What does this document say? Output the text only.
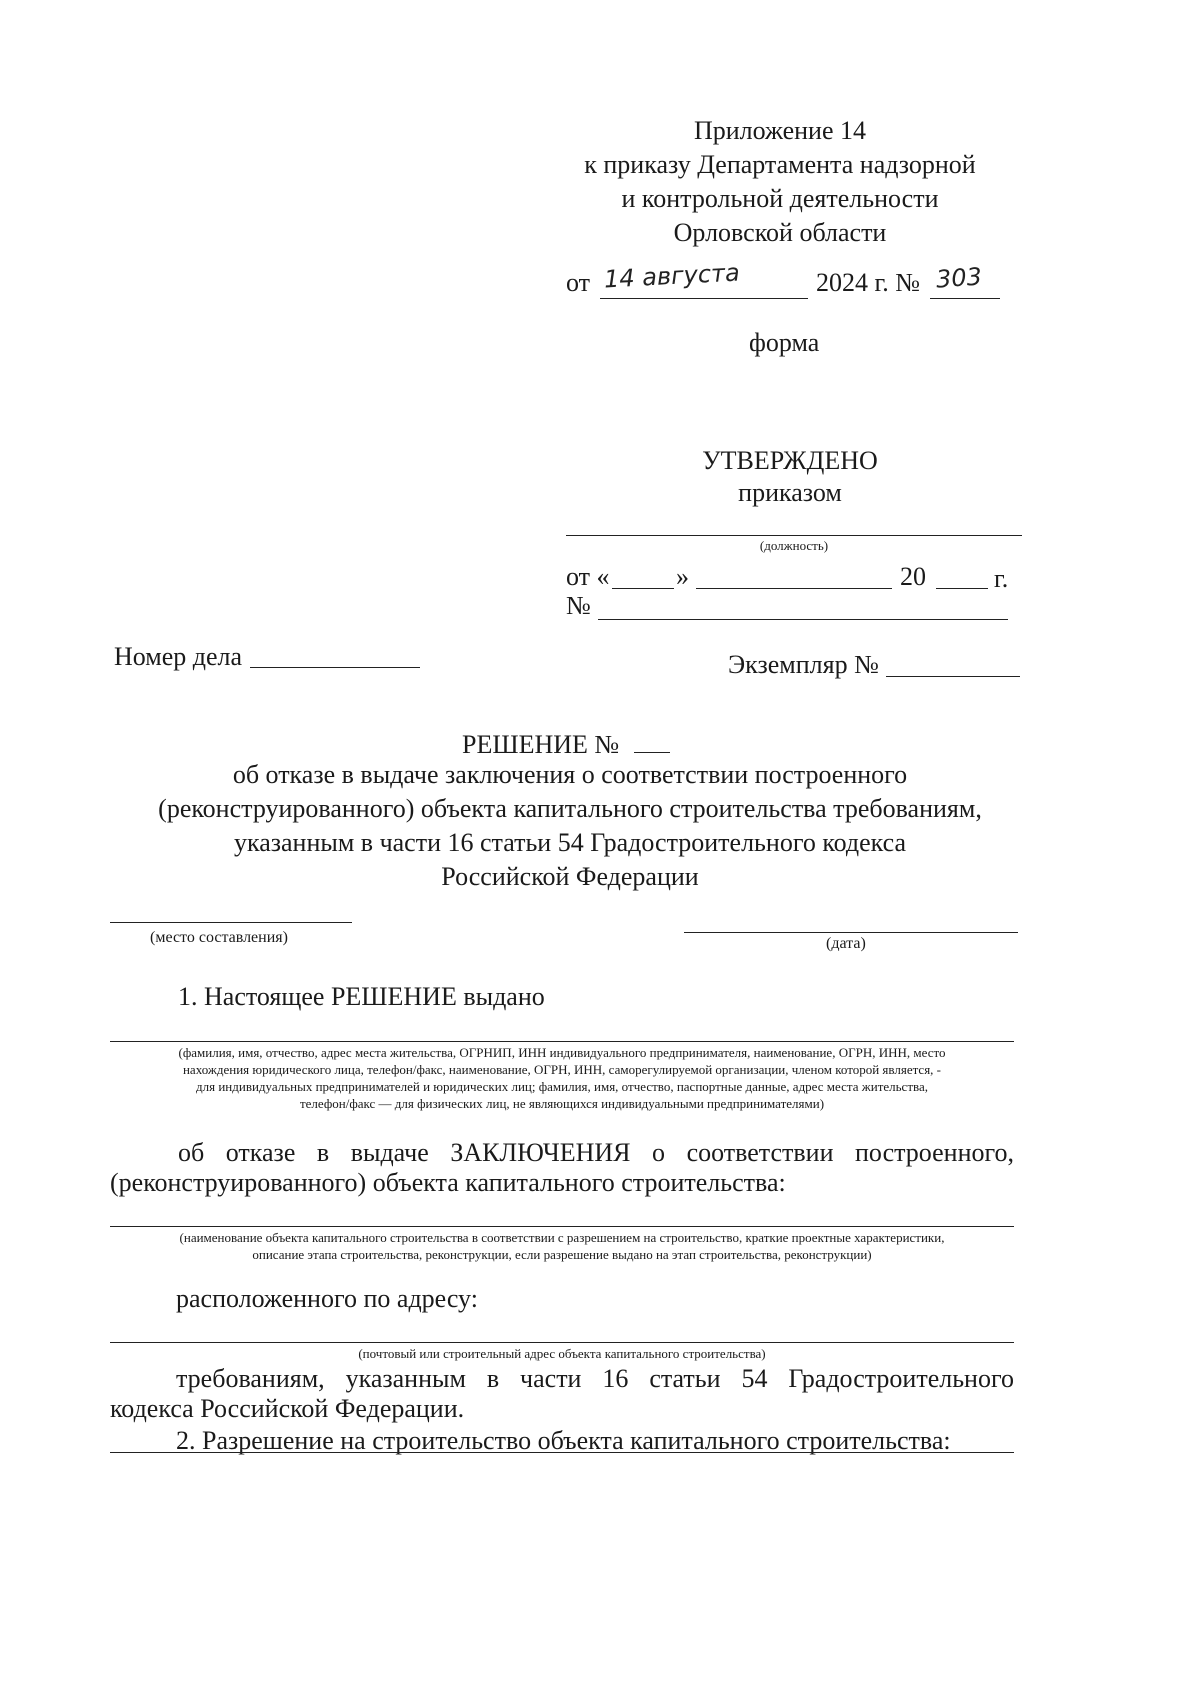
Приложение 14
к приказу Департамента надзорной
и контрольной деятельности
Орловской области
от 14 августа	2024 г. № 303
форма
УТВЕРЖДЕНО
приказом
(должность)
от «	»	20	г.
№
Номер дела	Экземпляр №
РЕШЕНИЕ №
об отказе в выдаче заключения о соответствии построенного
(реконструированного) объекта капитального строительства требованиям,
указанным в части 16 статьи 54 Градостроительного кодекса
Российской Федерации
(место составления)	(дата)
1. Настоящее РЕШЕНИЕ выдано
(фамилия, имя, отчество, адрес места жительства, ОГРНИП, ИНН индивидуального предпринимателя, наименование, ОГРН, ИНН, место
нахождения юридического лица, телефон/факс, наименование, ОГРН, ИНН, саморегулируемой организации, членом которой является, -
для индивидуальных предпринимателей и юридических лиц; фамилия, имя, отчество, паспортные данные, адрес места жительства,
телефон/факс — для физических лиц, не являющихся индивидуальными предпринимателями)
об отказе в выдаче ЗАКЛЮЧЕНИЯ о соответствии построенного,
(реконструированного) объекта капитального строительства:
(наименование объекта капитального строительства в соответствии с разрешением на строительство, краткие проектные характеристики,
описание этапа строительства, реконструкции, если разрешение выдано на этап строительства, реконструкции)
расположенного по адресу:
(почтовый или строительный адрес объекта капитального строительства)
требованиям, указанным в части 16 статьи 54 Градостроительного
кодекса Российской Федерации.
2. Разрешение на строительство объекта капитального строительства:
